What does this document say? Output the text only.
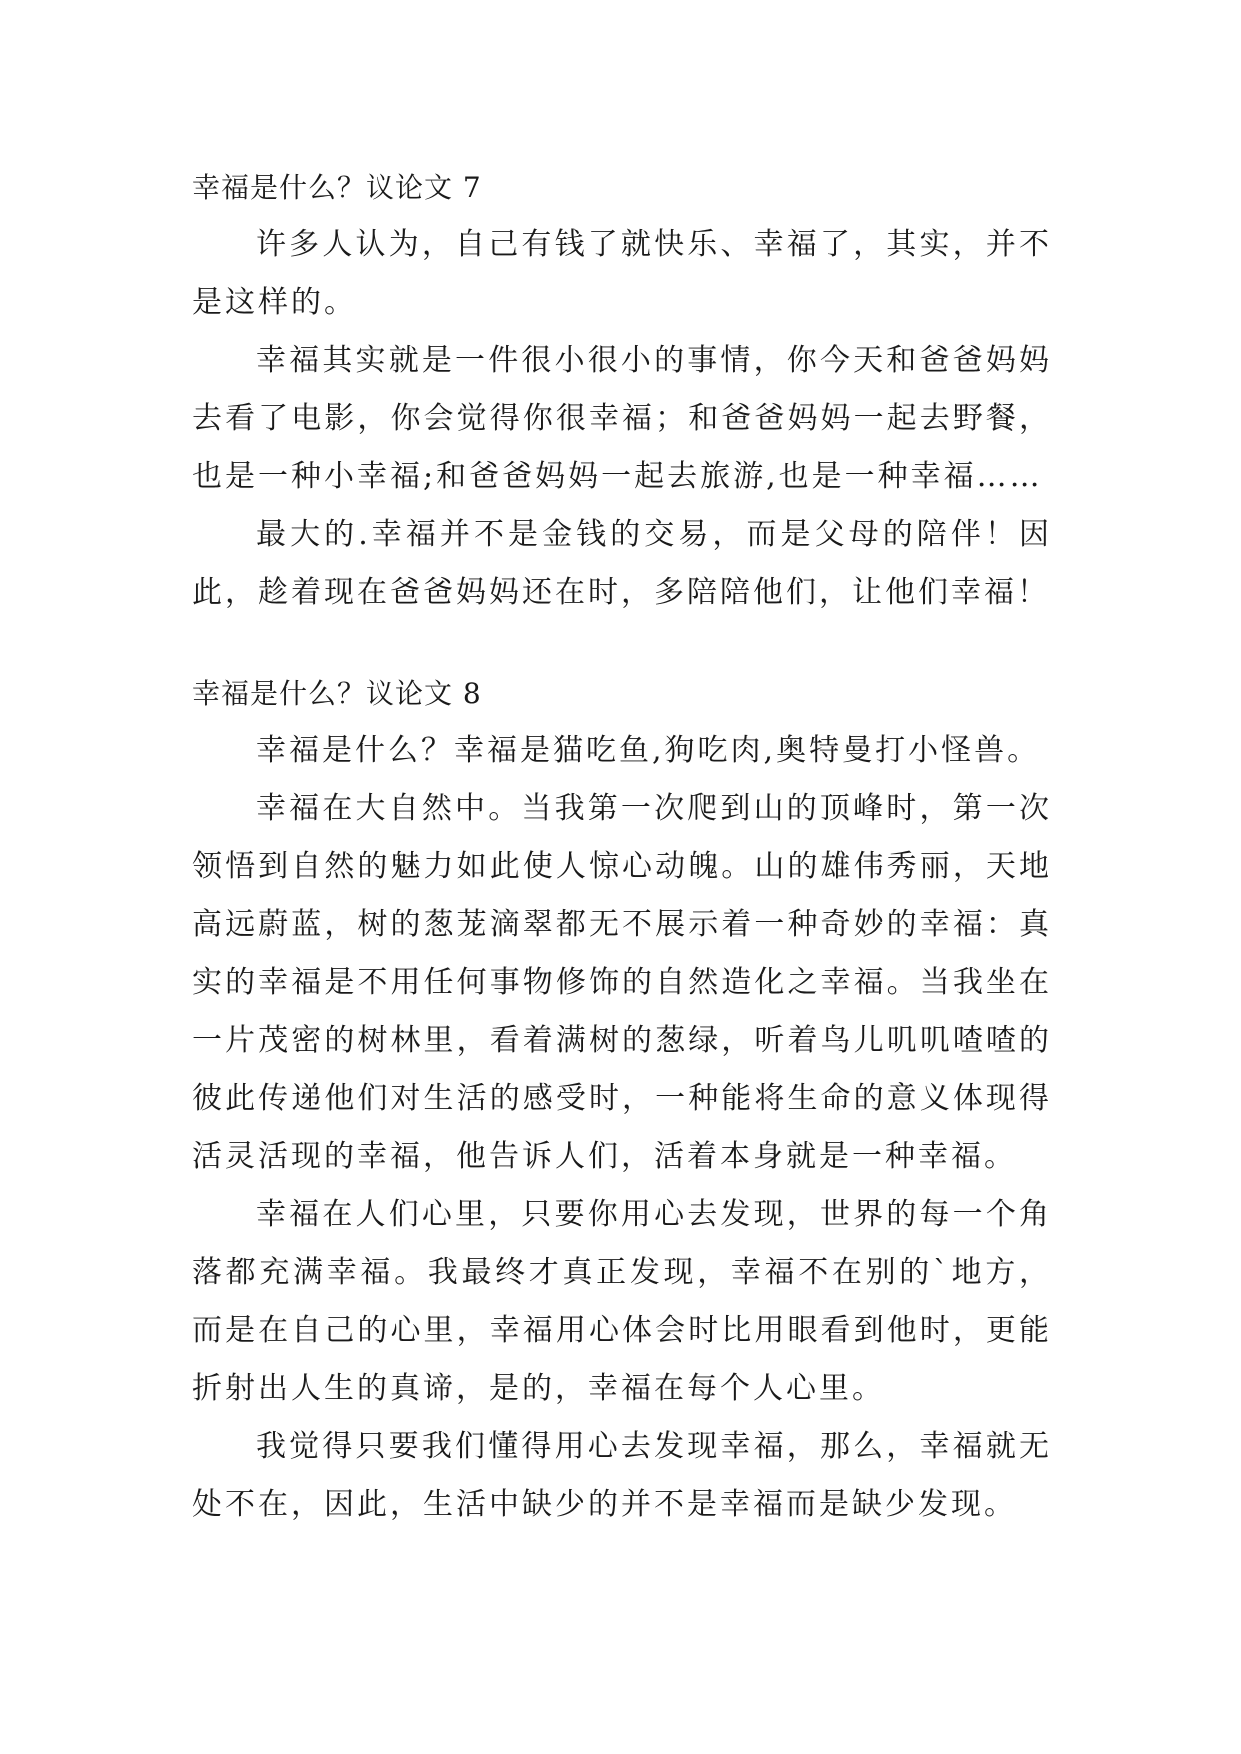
幸福是什么？议论文 7

许多人认为，自己有钱了就快乐、幸福了，其实，并不是这样的。

幸福其实就是一件很小很小的事情，你今天和爸爸妈妈去看了电影，你会觉得你很幸福；和爸爸妈妈一起去野餐，也是一种小幸福;和爸爸妈妈一起去旅游,也是一种幸福……

最大的.幸福并不是金钱的交易，而是父母的陪伴！因此，趁着现在爸爸妈妈还在时，多陪陪他们，让他们幸福！

幸福是什么？议论文 8

幸福是什么？幸福是猫吃鱼,狗吃肉,奥特曼打小怪兽。

幸福在大自然中。当我第一次爬到山的顶峰时，第一次领悟到自然的魅力如此使人惊心动魄。山的雄伟秀丽，天地高远蔚蓝，树的葱茏滴翠都无不展示着一种奇妙的幸福：真实的幸福是不用任何事物修饰的自然造化之幸福。当我坐在一片茂密的树林里，看着满树的葱绿，听着鸟儿叽叽喳喳的彼此传递他们对生活的感受时，一种能将生命的意义体现得活灵活现的幸福，他告诉人们，活着本身就是一种幸福。

幸福在人们心里，只要你用心去发现，世界的每一个角落都充满幸福。我最终才真正发现，幸福不在别的`地方，而是在自己的心里，幸福用心体会时比用眼看到他时，更能折射出人生的真谛，是的，幸福在每个人心里。

我觉得只要我们懂得用心去发现幸福，那么，幸福就无处不在，因此，生活中缺少的并不是幸福而是缺少发现。
